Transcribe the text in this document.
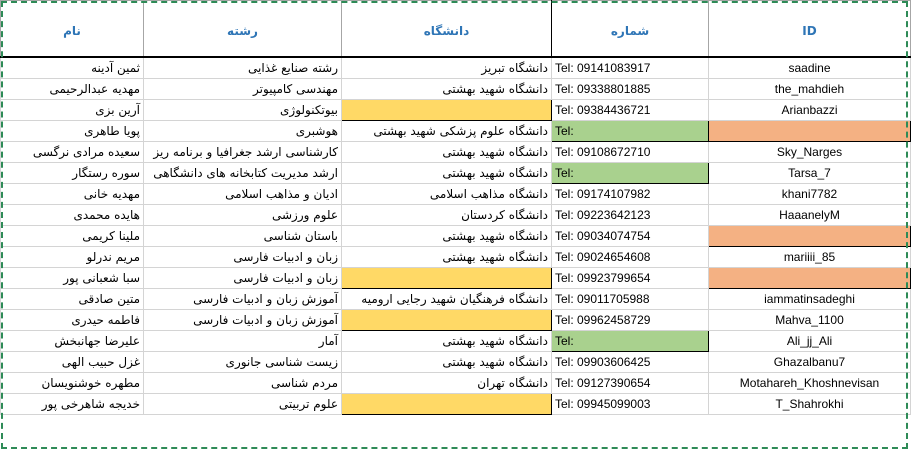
نام	رشته	دانشگاه	شماره	ID
ثمین آدینه	رشته صنایع غذایی	دانشگاه تبریز	Tel: 09141083917	saadine
مهدیه عبدالرحیمی	مهندسی کامپیوتر	دانشگاه شهید بهشتی	Tel: 09338801885	the_mahdieh
آرین بزی	بیوتکنولوژی		Tel: 09384436721	Arianbazzi
پویا طاهری	هوشبری	دانشگاه علوم پزشکی شهید بهشتی	Tel:	
سعیده مرادی نرگسی	کارشناسی ارشد جغرافیا و برنامه ریز	دانشگاه شهید بهشتی	Tel: 09108672710	Sky_Narges
سوره رستگار	ارشد مدیریت کتابخانه های دانشگاهی	دانشگاه شهید بهشتی	Tel:	Tarsa_7
مهدیه خانی	ادیان و مذاهب اسلامی	دانشگاه مذاهب اسلامی	Tel: 09174107982	khani7782
هایده محمدی	علوم ورزشی	دانشگاه کردستان	Tel: 09223642123	HaaanelyM
ملینا کریمی	باستان شناسی	دانشگاه شهید بهشتی	Tel: 09034074754	
مریم ندرلو	زبان و ادبیات فارسی	دانشگاه شهید بهشتی	Tel: 09024654608	mariiii_85
سبا شعبانی پور	زبان و ادبیات فارسی		Tel: 09923799654	
متین صادقی	آموزش زبان و ادبیات فارسی	دانشگاه فرهنگیان شهید رجایی ارومیه	Tel: 09011705988	iammatinsadeghi
فاطمه حیدری	آموزش زبان و ادبیات فارسی		Tel: 09962458729	Mahva_1100
علیرضا جهانبخش	آمار	دانشگاه شهید بهشتی	Tel:	Ali_jj_Ali
غزل حبیب الهی	زیست شناسی جانوری	دانشگاه شهید بهشتی	Tel: 09903606425	Ghazalbanu7
مطهره خوشنویسان	مردم شناسی	دانشگاه تهران	Tel: 09127390654	Motahareh_Khoshnevisan
خدیجه شاهرخی پور	علوم تربیتی		Tel: 09945099003	T_Shahrokhi
